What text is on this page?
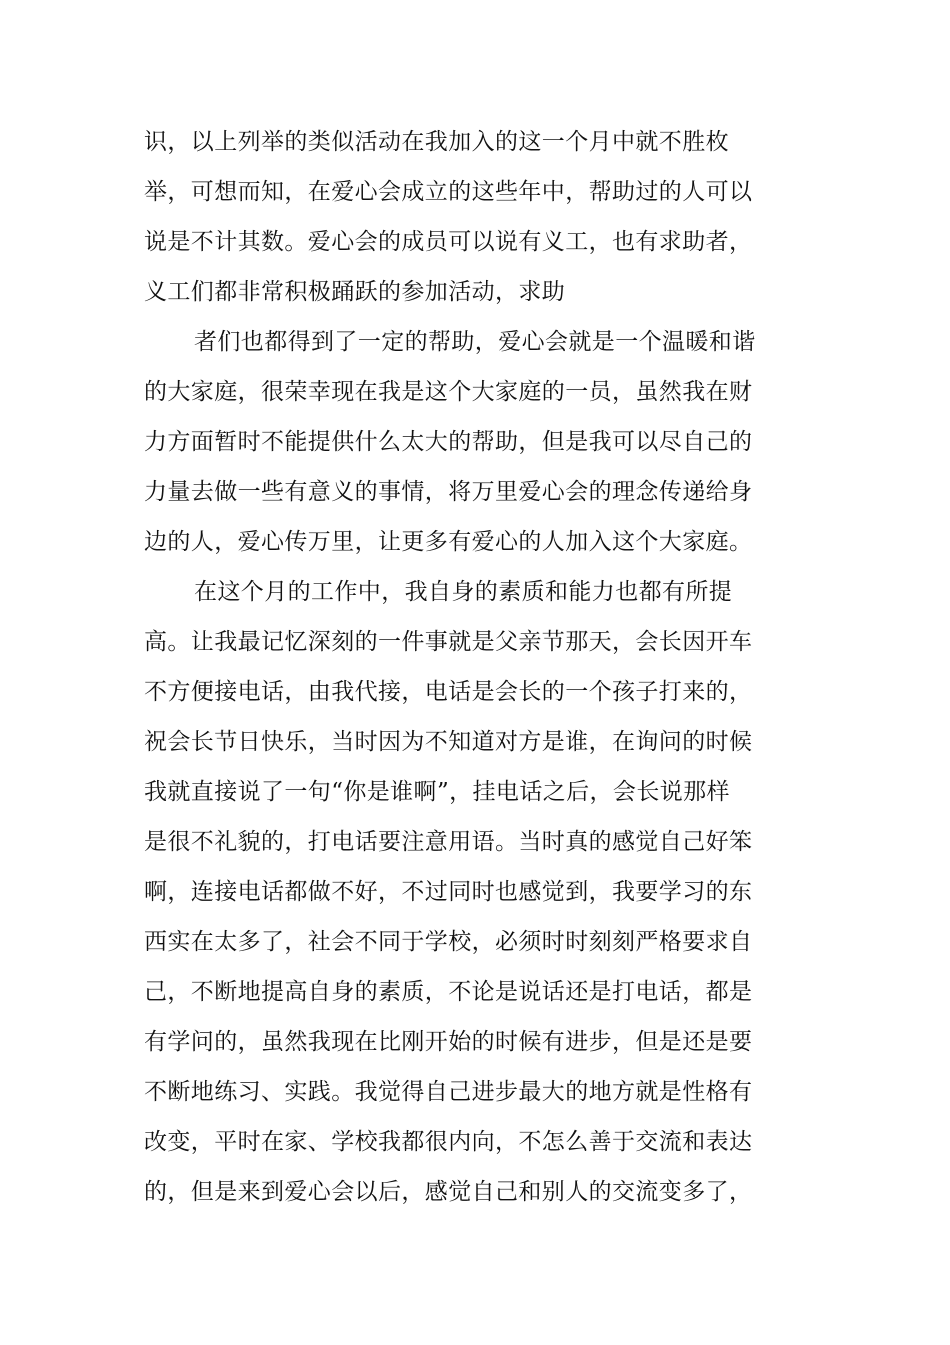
识，以上列举的类似活动在我加入的这一个月中就不胜枚
举，可想而知，在爱心会成立的这些年中，帮助过的人可以
说是不计其数。爱心会的成员可以说有义工，也有求助者，
义工们都非常积极踊跃的参加活动，求助
者们也都得到了一定的帮助，爱心会就是一个温暖和谐
的大家庭，很荣幸现在我是这个大家庭的一员，虽然我在财
力方面暂时不能提供什么太大的帮助，但是我可以尽自己的
力量去做一些有意义的事情，将万里爱心会的理念传递给身
边的人，爱心传万里，让更多有爱心的人加入这个大家庭。
在这个月的工作中，我自身的素质和能力也都有所提
高。让我最记忆深刻的一件事就是父亲节那天，会长因开车
不方便接电话，由我代接，电话是会长的一个孩子打来的，
祝会长节日快乐，当时因为不知道对方是谁，在询问的时候
我就直接说了一句“你是谁啊”，挂电话之后，会长说那样
是很不礼貌的，打电话要注意用语。当时真的感觉自己好笨
啊，连接电话都做不好，不过同时也感觉到，我要学习的东
西实在太多了，社会不同于学校，必须时时刻刻严格要求自
己，不断地提高自身的素质，不论是说话还是打电话，都是
有学问的，虽然我现在比刚开始的时候有进步，但是还是要
不断地练习、实践。我觉得自己进步最大的地方就是性格有
改变，平时在家、学校我都很内向，不怎么善于交流和表达
的，但是来到爱心会以后，感觉自己和别人的交流变多了，
